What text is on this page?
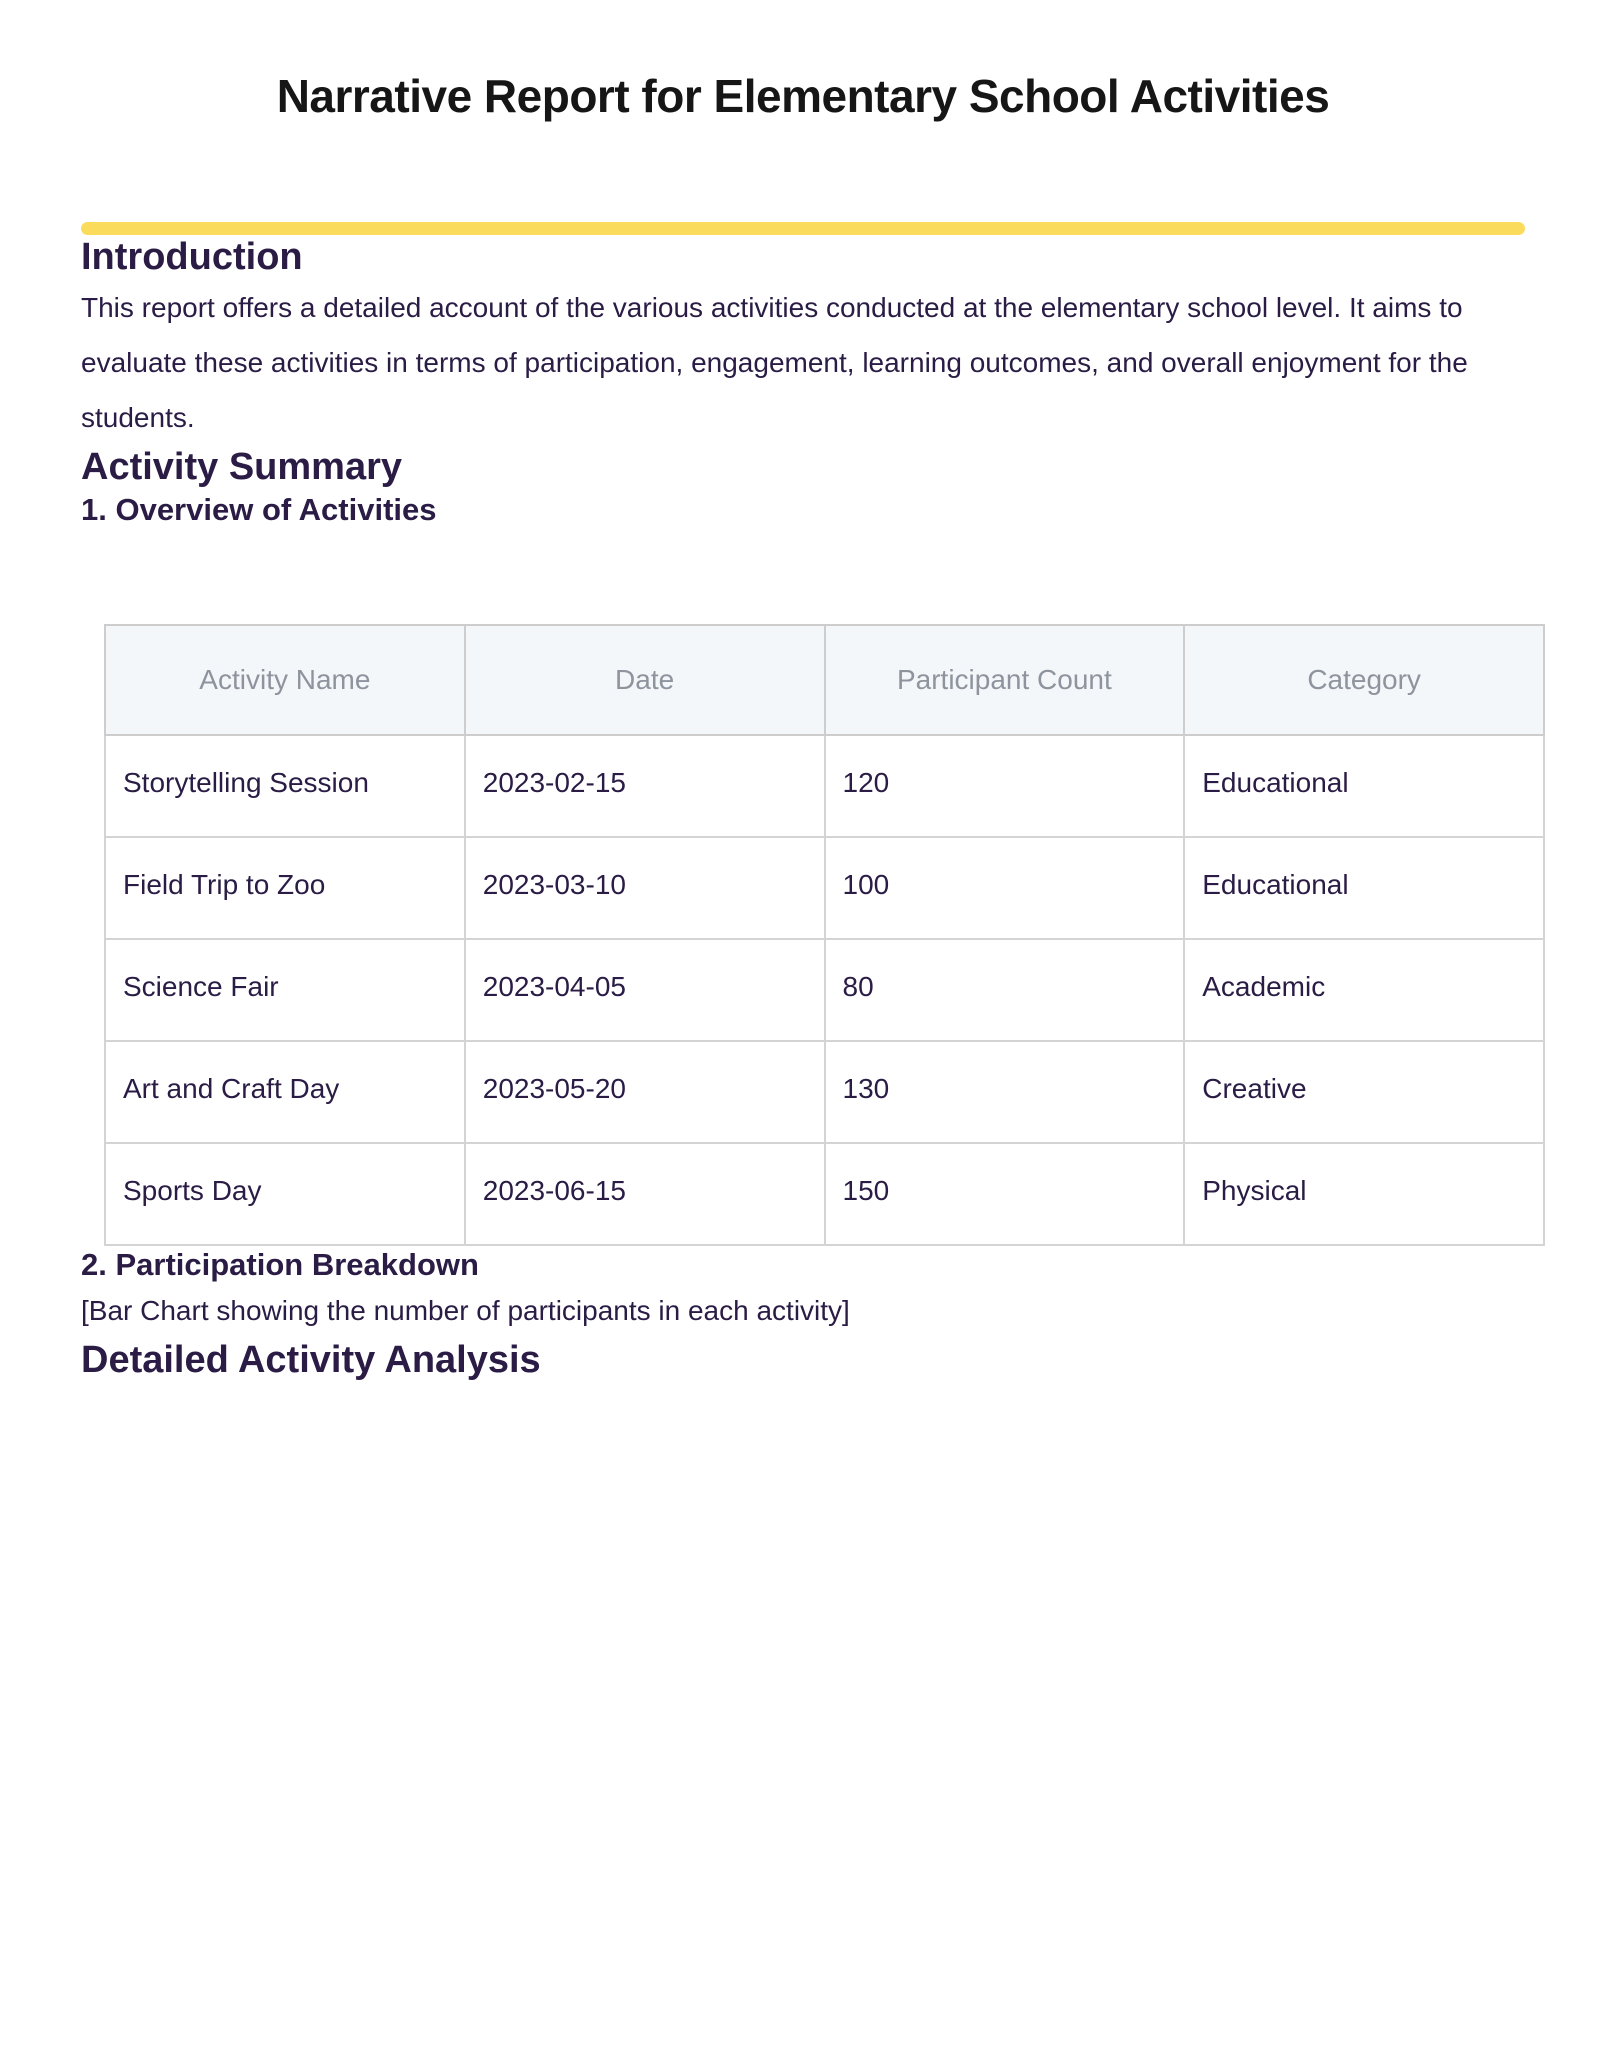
Narrative Report for Elementary School Activities
Introduction

This report offers a detailed account of the various activities conducted at the elementary school level. It aims to evaluate these activities in terms of participation, engagement, learning outcomes, and overall enjoyment for the students.

Activity Summary
1. Overview of Activities
Activity Name	Date	Participant Count	Category
Storytelling Session	2023-02-15	120	Educational
Field Trip to Zoo	2023-03-10	100	Educational
Science Fair	2023-04-05	80	Academic
Art and Craft Day	2023-05-20	130	Creative
Sports Day	2023-06-15	150	Physical
2. Participation Breakdown

[Bar Chart showing the number of participants in each activity]

Detailed Activity Analysis
